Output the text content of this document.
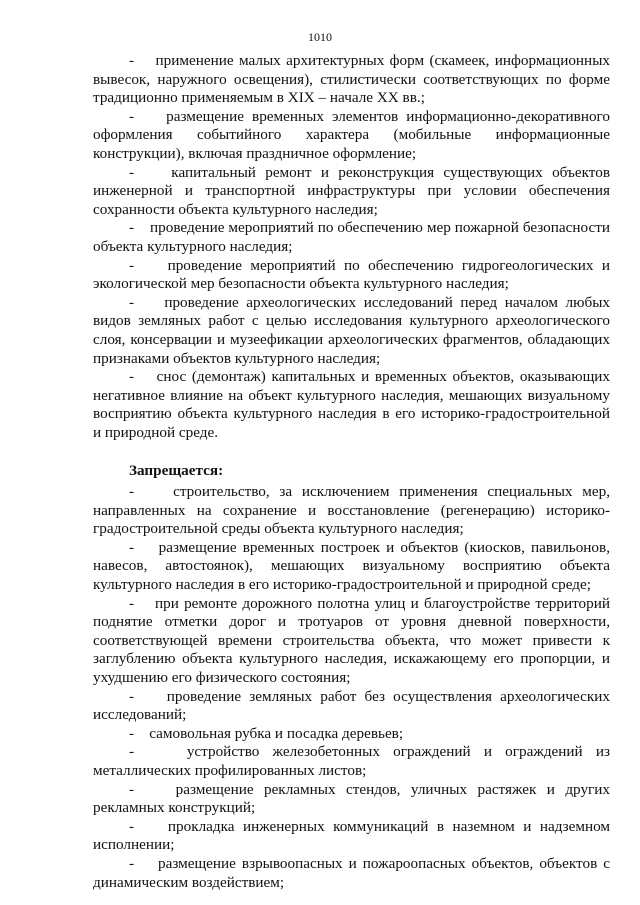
1010

-    применение малых архитектурных форм (скамеек, информационных вывесок, наружного освещения), стилистически соответствующих по форме традиционно применяемым в XIX – начале XX вв.;

-    размещение временных элементов информационно-декоративного оформления событийного характера (мобильные информационные конструкции), включая праздничное оформление;

-    капитальный ремонт и реконструкция существующих объектов инженерной и транспортной инфраструктуры при условии обеспечения сохранности объекта культурного наследия;

-    проведение мероприятий по обеспечению мер пожарной безопасности объекта культурного наследия;

-    проведение мероприятий по обеспечению гидрогеологических и экологической мер безопасности объекта культурного наследия;

-    проведение археологических исследований перед началом любых видов земляных работ с целью исследования культурного археологического слоя, консервации и музеефикации археологических фрагментов, обладающих признаками объектов культурного наследия;

-    снос (демонтаж) капитальных и временных объектов, оказывающих негативное влияние на объект культурного наследия, мешающих визуальному восприятию объекта культурного наследия в его историко-градостроительной и природной среде.

Запрещается:

-    строительство, за исключением применения специальных мер, направленных на сохранение и восстановление (регенерацию) историко-градостроительной среды объекта культурного наследия;

-    размещение временных построек и объектов (киосков, павильонов, навесов, автостоянок), мешающих визуальному восприятию объекта культурного наследия в его историко-градостроительной и природной среде;

-    при ремонте дорожного полотна улиц и благоустройстве территорий поднятие отметки дорог и тротуаров от уровня дневной поверхности, соответствующей времени строительства объекта, что может привести к заглублению объекта культурного наследия, искажающему его пропорции, и ухудшению его физического состояния;

-    проведение земляных работ без осуществления археологических исследований;

-    самовольная рубка и посадка деревьев;

-    устройство железобетонных ограждений и ограждений из металлических профилированных листов;

-    размещение рекламных стендов, уличных растяжек и других рекламных конструкций;

-    прокладка инженерных коммуникаций в наземном и надземном исполнении;

-    размещение взрывоопасных и пожароопасных объектов, объектов с динамическим воздействием;
